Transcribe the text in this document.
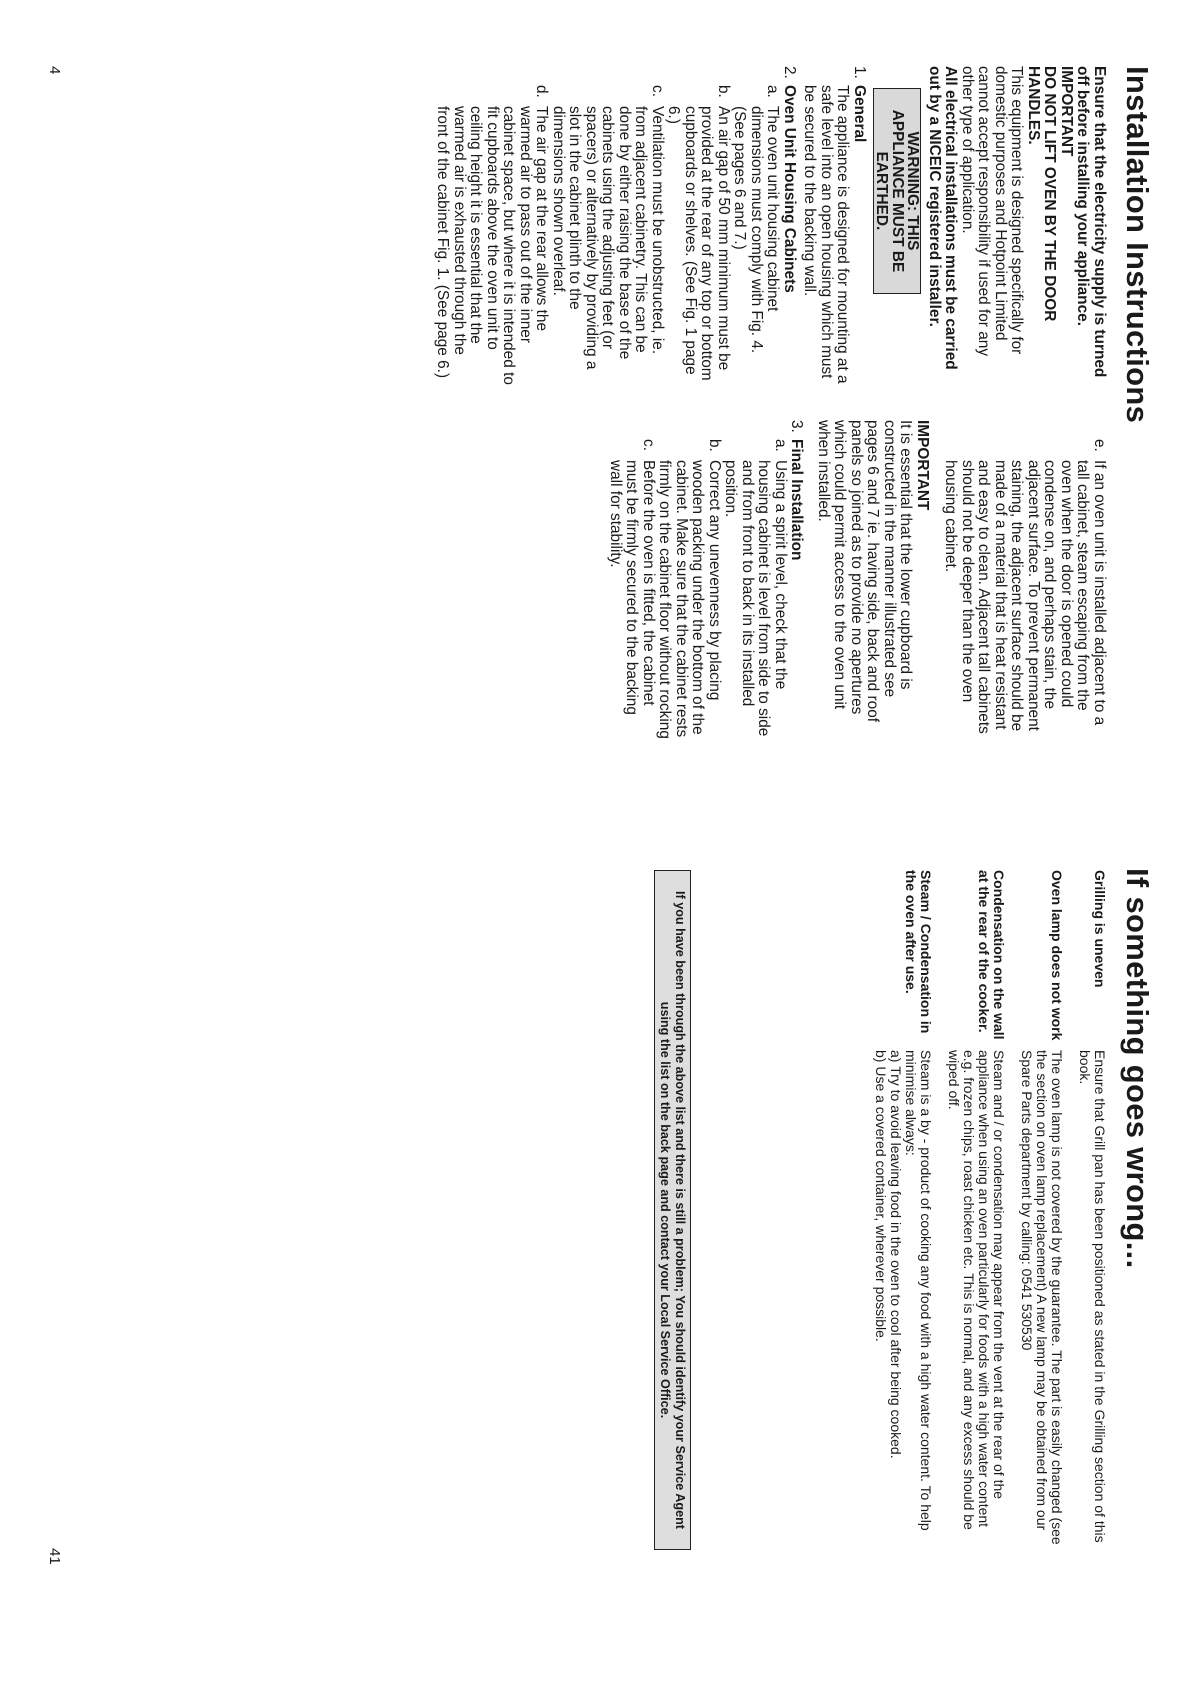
Installation Instructions

Ensure that the electricity supply is turned off before installing your appliance.

IMPORTANT

DO NOT LIFT OVEN BY THE DOOR HANDLES.

This equipment is designed specifically for domestic purposes and Hotpoint Limited cannot accept responsibility if used for any other type of application.

All electrical installations must be carried out by a NICEIC registered installer.

WARNING: THIS APPLIANCE MUST BE EARTHED.
1.

General

The appliance is designed for mounting at a safe level into an open housing which must be secured to the backing wall.

2.

Oven Unit Housing Cabinets

a.
The oven unit housing cabinet dimensions must comply with Fig. 4. (See pages 6 and 7.)
b.
An air gap of 50 mm minimum must be provided at the rear of any top or bottom cupboards or shelves. (See Fig. 1 page 6.)
c.
Ventilation must be unobstructed, ie. from adjacent cabinetry. This can be done by either raising the base of the cabinets using the adjusting feet (or spacers) or alternatively by providing a slot in the cabinet plinth to the dimensions shown overleaf.
d.
The air gap at the rear allows the warmed air to pass out of the inner cabinet space, but where it is intended to fit cupboards above the oven unit to ceiling height it is essential that the warmed air is exhausted through the front of the cabinet Fig. 1. (See page 6.)
e.
If an oven unit is installed adjacent to a tall cabinet, steam escaping from the oven when the door is opened could condense on, and perhaps stain, the adjacent surface. To prevent permanent staining, the adjacent surface should be made of a material that is heat resistant and easy to clean. Adjacent tall cabinets should not be deeper than the oven housing cabinet.

IMPORTANT

It is essential that the lower cupboard is constructed in the manner illustrated see pages 6 and 7 ie. having side, back and roof panels so joined as to provide no apertures which could permit access to the oven unit when installed.

3.

Final Installation

a.
Using a spirit level, check that the housing cabinet is level from side to side and from front to back in its installed position.
b.
Correct any unevenness by placing wooden packing under the bottom of the cabinet. Make sure that the cabinet rests firmly on the cabinet floor without rocking
c.
Before the oven is fitted, the cabinet must be firmly secured to the backing wall for stability.
4
If something goes wrong...
Grilling is uneven
Ensure that Grill pan has been positioned as stated in the Grilling section of this book.
Oven lamp does not work
The oven lamp is not covered by the guarantee. The part is easily changed (see the section on oven lamp replacement) A new lamp may be obtained from our Spare Parts department by calling: 0541 530530
Condensation on the wall at the rear of the cooker.
Steam and / or condensation may appear from the vent at the rear of the appliance when using an oven particularly for foods with a high water content e.g. frozen chips, roast chicken etc. This is normal, and any excess should be wiped off.
Steam / Condensation in the oven after use.
Steam is a by - product of cooking any food with a high water content. To help minimise always:
a) Try to avoid leaving food in the oven to cool after being cooked.
b) Use a covered container, wherever possible.
If you have been through the above list and there is still a problem; You should identify your Service Agent using the list on the back page and contact your Local Service Office.
41
